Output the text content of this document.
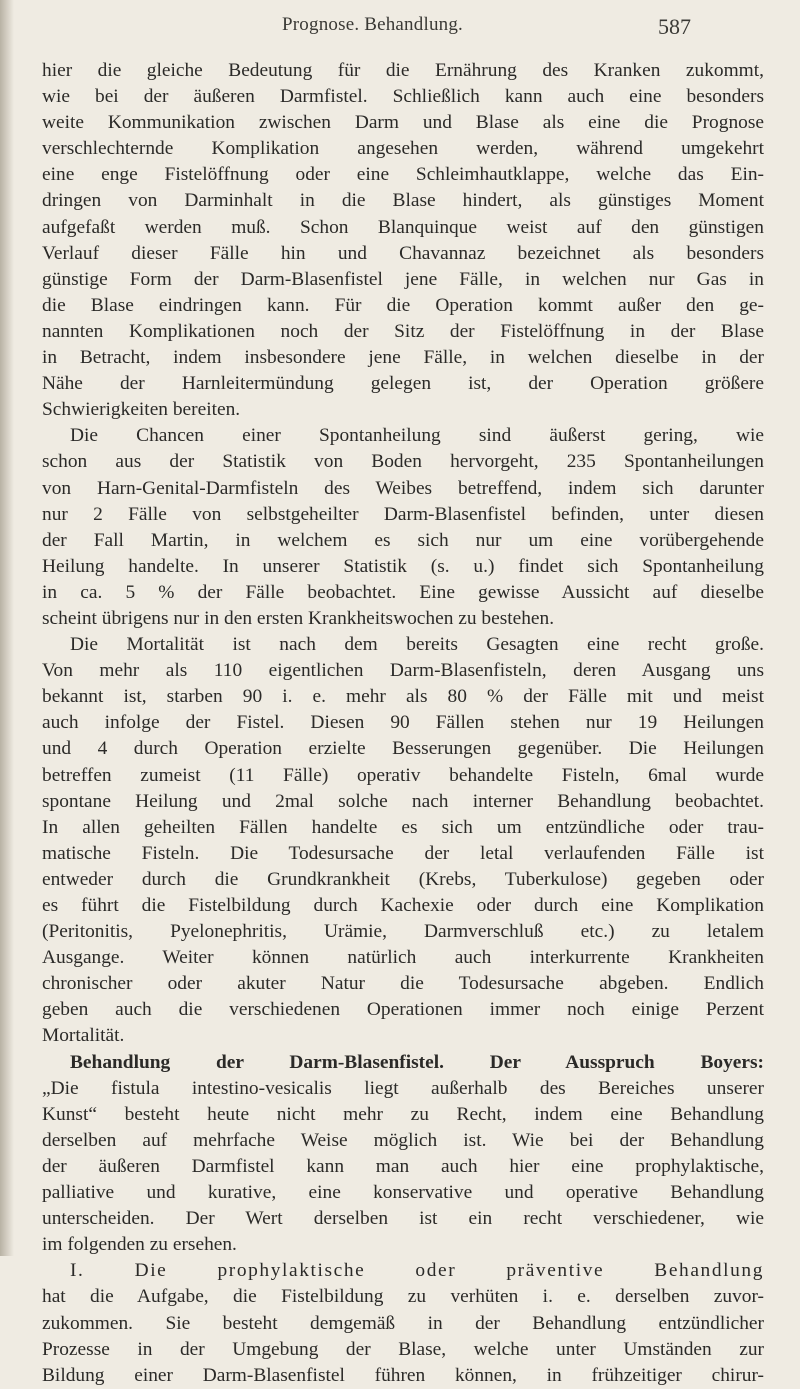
Prognose. Behandlung.	587

hier die gleiche Bedeutung für die Ernährung des Kranken zukommt,
wie bei der äußeren Darmfistel. Schließlich kann auch eine besonders
weite Kommunikation zwischen Darm und Blase als eine die Prognose
verschlechternde Komplikation angesehen werden, während umgekehrt
eine enge Fistelöffnung oder eine Schleimhautklappe, welche das Ein-
dringen von Darminhalt in die Blase hindert, als günstiges Moment
aufgefaßt werden muß. Schon Blanquinque weist auf den günstigen
Verlauf dieser Fälle hin und Chavannaz bezeichnet als besonders
günstige Form der Darm-Blasenfistel jene Fälle, in welchen nur Gas in
die Blase eindringen kann. Für die Operation kommt außer den ge-
nannten Komplikationen noch der Sitz der Fistelöffnung in der Blase
in Betracht, indem insbesondere jene Fälle, in welchen dieselbe in der
Nähe der Harnleitermündung gelegen ist, der Operation größere
Schwierigkeiten bereiten.

Die Chancen einer Spontanheilung sind äußerst gering, wie
schon aus der Statistik von Boden hervorgeht, 235 Spontanheilungen
von Harn-Genital-Darmfisteln des Weibes betreffend, indem sich darunter
nur 2 Fälle von selbstgeheilter Darm-Blasenfistel befinden, unter diesen
der Fall Martin, in welchem es sich nur um eine vorübergehende
Heilung handelte. In unserer Statistik (s. u.) findet sich Spontanheilung
in ca. 5 % der Fälle beobachtet. Eine gewisse Aussicht auf dieselbe
scheint übrigens nur in den ersten Krankheitswochen zu bestehen.

Die Mortalität ist nach dem bereits Gesagten eine recht große.
Von mehr als 110 eigentlichen Darm-Blasenfisteln, deren Ausgang uns
bekannt ist, starben 90 i. e. mehr als 80 % der Fälle mit und meist
auch infolge der Fistel. Diesen 90 Fällen stehen nur 19 Heilungen
und 4 durch Operation erzielte Besserungen gegenüber. Die Heilungen
betreffen zumeist (11 Fälle) operativ behandelte Fisteln, 6mal wurde
spontane Heilung und 2mal solche nach interner Behandlung beobachtet.
In allen geheilten Fällen handelte es sich um entzündliche oder trau-
matische Fisteln. Die Todesursache der letal verlaufenden Fälle ist
entweder durch die Grundkrankheit (Krebs, Tuberkulose) gegeben oder
es führt die Fistelbildung durch Kachexie oder durch eine Komplikation
(Peritonitis, Pyelonephritis, Urämie, Darmverschluß etc.) zu letalem
Ausgange. Weiter können natürlich auch interkurrente Krankheiten
chronischer oder akuter Natur die Todesursache abgeben. Endlich
geben auch die verschiedenen Operationen immer noch einige Perzent
Mortalität.

Behandlung der Darm-Blasenfistel. Der Ausspruch Boyers:
„Die fistula intestino-vesicalis liegt außerhalb des Bereiches unserer
Kunst“ besteht heute nicht mehr zu Recht, indem eine Behandlung
derselben auf mehrfache Weise möglich ist. Wie bei der Behandlung
der äußeren Darmfistel kann man auch hier eine prophylaktische,
palliative und kurative, eine konservative und operative Behandlung
unterscheiden. Der Wert derselben ist ein recht verschiedener, wie
im folgenden zu ersehen.

I. Die prophylaktische oder präventive Behandlung
hat die Aufgabe, die Fistelbildung zu verhüten i. e. derselben zuvor-
zukommen. Sie besteht demgemäß in der Behandlung entzündlicher
Prozesse in der Umgebung der Blase, welche unter Umständen zur
Bildung einer Darm-Blasenfistel führen können, in frühzeitiger chirur-
